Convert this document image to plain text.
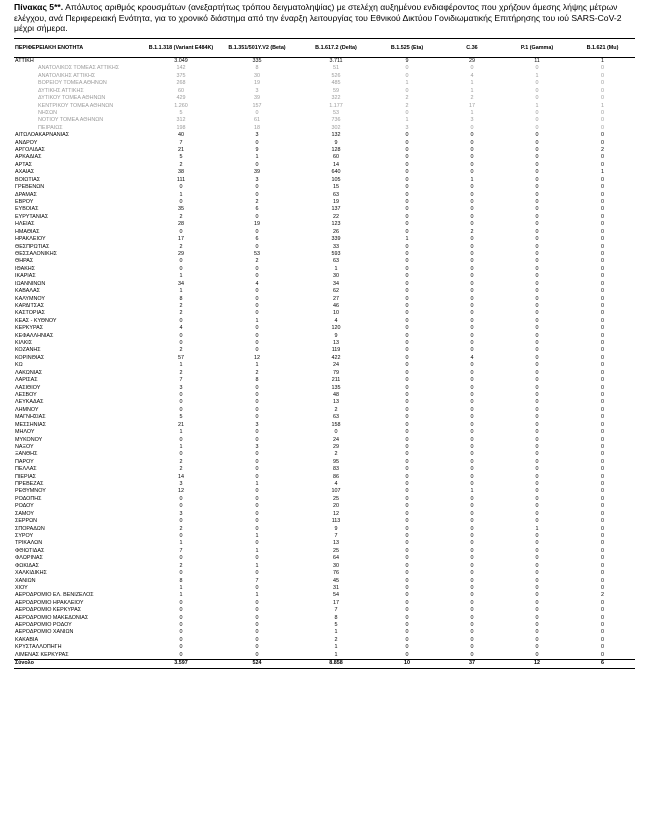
Πίνακας 5**. Απόλυτος αριθμός κρουσμάτων (ανεξαρτήτως τρόπου δειγματοληψίας) με στελέχη αυξημένου ενδιαφέροντος που χρήζουν άμεσης λήψης μέτρων ελέγχου, ανά Περιφερειακή Ενότητα, για το χρονικό διάστημα από την έναρξη λειτουργίας του Εθνικού Δικτύου Γονιδιωματικής Επιτήρησης του ιού SARS-CoV-2 μέχρι σήμερα.
ΠΕΡΙΦΕΡΕΙΑΚΗ ΕΝΟΤΗΤΑ	B.1.1.318 (Variant E484K)	B.1.351/501Y.V2 (Beta)	B.1.617.2 (Delta)	B.1.525 (Eta)	C.36	P.1 (Gamma)	B.1.621 (Mu)
ΑΤΤΙΚΗ	3.049	335	3.711	9	29	11	1
ΑΝΑΤΟΛΙΚΟΣ ΤΟΜΕΑΣ ΑΤΤΙΚΗΣ	142	8	51	0	0	0	0
ΑΝΑΤΟΛΙΚΗΣ ΑΤΤΙΚΗΣ	375	30	526	0	4	1	0
ΒΟΡΕΙΟΥ ΤΟΜΕΑ ΑΘΗΝΩΝ	268	19	485	1	1	0	0
ΔΥΤΙΚΗΣ ΑΤΤΙΚΗΣ	60	3	59	0	1	0	0
ΔΥΤΙΚΟΥ ΤΟΜΕΑ ΑΘΗΝΩΝ	429	39	322	2	2	0	0
ΚΕΝΤΡΙΚΟΥ ΤΟΜΕΑ ΑΘΗΝΩΝ	1.260	157	1.177	2	17	1	1
ΝΗΣΩΝ	5	0	53	0	1	0	0
ΝΟΤΙΟΥ ΤΟΜΕΑ ΑΘΗΝΩΝ	312	61	736	1	3	0	0
ΠΕΙΡΑΙΩΣ	198	18	302	3	0	0	0
ΑΙΤΩΛΟΑΚΑΡΝΑΝΙΑΣ	40	3	132	0	0	0	0
ΑΝΔΡΟΥ	7	0	9	0	0	0	0
ΑΡΓΟΛΙΔΑΣ	21	9	128	0	0	0	2
ΑΡΚΑΔΙΑΣ	5	1	60	0	0	0	0
ΑΡΤΑΣ	2	0	14	0	0	0	0
ΑΧΑΪΑΣ	38	39	640	0	0	0	1
ΒΟΙΩΤΙΑΣ	111	3	105	0	1	0	0
ΓΡΕΒΕΝΩΝ	0	0	15	0	0	0	0
ΔΡΑΜΑΣ	1	0	63	0	0	0	0
ΕΒΡΟΥ	0	2	19	0	0	0	0
ΕΥΒΟΙΑΣ	35	6	137	0	0	0	0
ΕΥΡΥΤΑΝΙΑΣ	2	0	22	0	0	0	0
ΗΛΕΙΑΣ	28	19	123	0	0	0	0
ΗΜΑΘΙΑΣ	0	0	26	0	2	0	0
ΗΡΑΚΛΕΙΟΥ	17	6	339	1	0	0	0
ΘΕΣΠΡΩΤΙΑΣ	2	0	33	0	0	0	0
ΘΕΣΣΑΛΟΝΙΚΗΣ	29	53	593	0	0	0	0
ΘΗΡΑΣ	0	2	63	0	0	0	0
ΙΘΑΚΗΣ	0	0	1	0	0	0	0
ΙΚΑΡΙΑΣ	1	0	30	0	0	0	0
ΙΩΑΝΝΙΝΩΝ	34	4	34	0	0	0	0
ΚΑΒΑΛΑΣ	1	0	62	0	0	0	0
ΚΑΛΥΜΝΟΥ	8	0	27	0	0	0	0
ΚΑΡΔΙΤΣΑΣ	2	0	46	0	0	0	0
ΚΑΣΤΟΡΙΑΣ	2	0	10	0	0	0	0
ΚΕΑΣ - ΚΥΘΝΟΥ	0	1	4	0	0	0	0
ΚΕΡΚΥΡΑΣ	4	0	120	0	0	0	0
ΚΕΦΑΛΛΗΝΙΑΣ	0	0	9	0	0	0	0
ΚΙΛΚΙΣ	0	0	13	0	0	0	0
ΚΟΖΑΝΗΣ	2	0	119	0	0	0	0
ΚΟΡΙΝΘΙΑΣ	57	12	422	0	4	0	0
ΚΩ	1	1	24	0	0	0	0
ΛΑΚΩΝΙΑΣ	2	2	79	0	0	0	0
ΛΑΡΙΣΑΣ	7	8	211	0	0	0	0
ΛΑΣΙΘΙΟΥ	3	0	135	0	0	0	0
ΛΕΣΒΟΥ	0	0	48	0	0	0	0
ΛΕΥΚΑΔΑΣ	0	0	13	0	0	0	0
ΛΗΜΝΟΥ	0	0	2	0	0	0	0
ΜΑΓΝΗΣΙΑΣ	5	0	63	0	0	0	0
ΜΕΣΣΗΝΙΑΣ	21	3	158	0	0	0	0
ΜΗΛΟΥ	1	0	0	0	0	0	0
ΜΥΚΟΝΟΥ	0	0	24	0	0	0	0
ΝΑΞΟΥ	1	3	29	0	0	0	0
ΞΑΝΘΗΣ	0	0	2	0	0	0	0
ΠΑΡΟΥ	2	0	95	0	0	0	0
ΠΕΛΛΑΣ	2	0	83	0	0	0	0
ΠΙΕΡΙΑΣ	14	0	86	0	0	0	0
ΠΡΕΒΕΖΑΣ	3	1	4	0	0	0	0
ΡΕΘΥΜΝΟΥ	12	0	107	0	1	0	0
ΡΟΔΟΠΗΣ	0	0	25	0	0	0	0
ΡΟΔΟΥ	0	0	20	0	0	0	0
ΣΑΜΟΥ	3	0	12	0	0	0	0
ΣΕΡΡΩΝ	0	0	113	0	0	0	0
ΣΠΟΡΑΔΩΝ	2	0	9	0	0	1	0
ΣΥΡΟΥ	0	1	7	0	0	0	0
ΤΡΙΚΑΛΩΝ	1	0	13	0	0	0	0
ΦΘΙΩΤΙΔΑΣ	7	1	25	0	0	0	0
ΦΛΩΡΙΝΑΣ	0	0	64	0	0	0	0
ΦΩΚΙΔΑΣ	2	1	30	0	0	0	0
ΧΑΛΚΙΔΙΚΗΣ	0	0	76	0	0	0	0
ΧΑΝΙΩΝ	8	7	45	0	0	0	0
ΧΙΟΥ	1	0	31	0	0	0	0
ΑΕΡΟΔΡΟΜΙΟ ΕΛ. ΒΕΝΙΖΕΛΟΣ	1	1	54	0	0	0	2
ΑΕΡΟΔΡΟΜΙΟ ΗΡΑΚΛΕΙΟΥ	0	0	17	0	0	0	0
ΑΕΡΟΔΡΟΜΙΟ ΚΕΡΚΥΡΑΣ	0	0	7	0	0	0	0
ΑΕΡΟΔΡΟΜΙΟ ΜΑΚΕΔΟΝΙΑΣ	0	0	8	0	0	0	0
ΑΕΡΟΔΡΟΜΙΟ ΡΟΔΟΥ	0	0	5	0	0	0	0
ΑΕΡΟΔΡΟΜΙΟ ΧΑΝΙΩΝ	0	0	1	0	0	0	0
ΚΑΚΑΒΙΑ	0	0	2	0	0	0	0
ΚΡΥΣΤΑΛΛΟΠΗΓΗ	0	0	1	0	0	0	0
ΛΙΜΕΝΑΣ ΚΕΡΚΥΡΑΣ	0	0	1	0	0	0	0
Σύνολο	3.597	524	8.858	10	37	12	6
